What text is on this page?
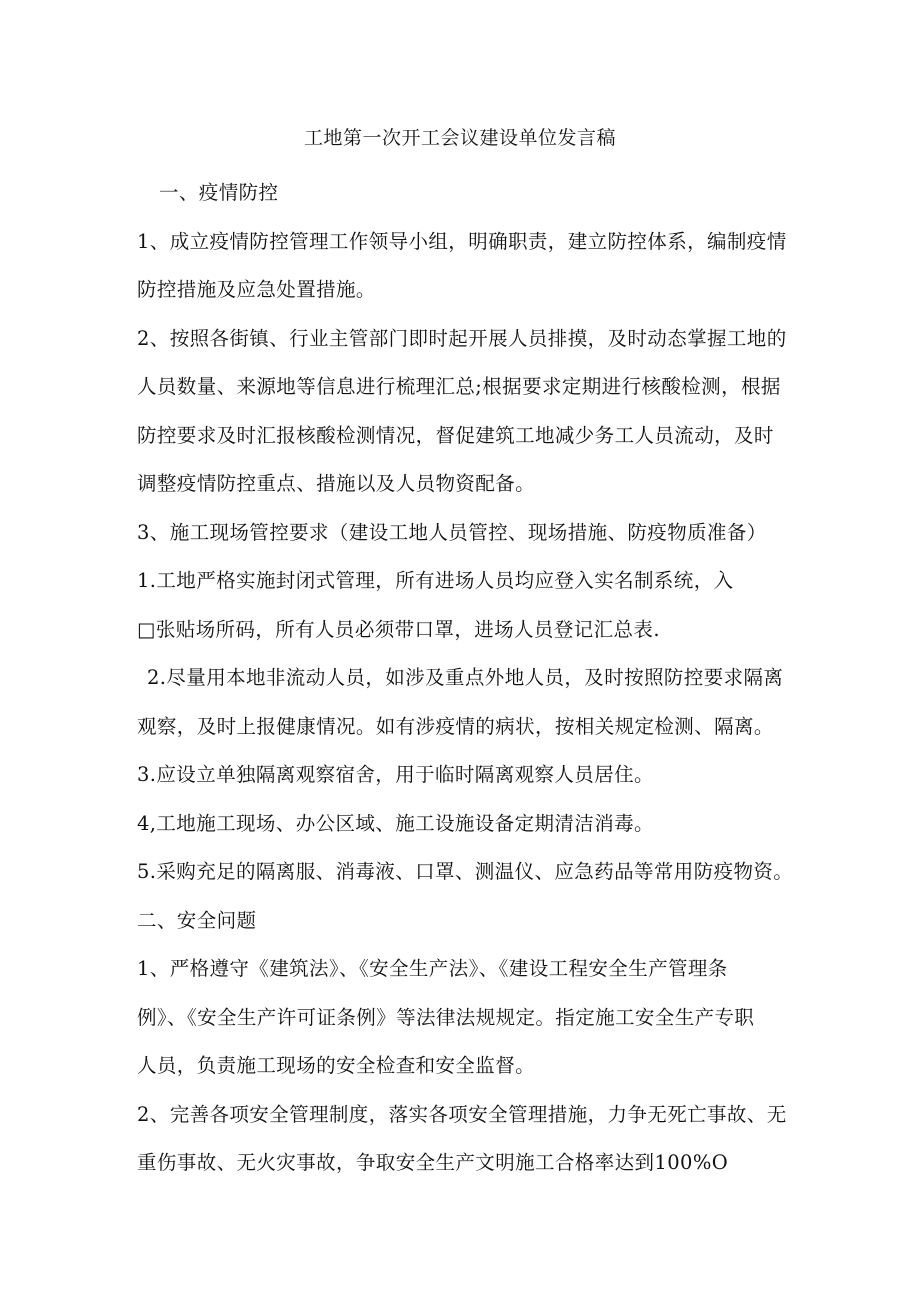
工地第一次开工会议建设单位发言稿

一、疫情防控

1、成立疫情防控管理工作领导小组，明确职责，建立防控体系，编制疫情

防控措施及应急处置措施。

2、按照各街镇、行业主管部门即时起开展人员排摸，及时动态掌握工地的

人员数量、来源地等信息进行梳理汇总;根据要求定期进行核酸检测，根据

防控要求及时汇报核酸检测情况，督促建筑工地减少务工人员流动，及时

调整疫情防控重点、措施以及人员物资配备。

3、施工现场管控要求（建设工地人员管控、现场措施、防疫物质准备）

1.工地严格实施封闭式管理，所有进场人员均应登入实名制系统，入

□张贴场所码，所有人员必须带口罩，进场人员登记汇总表.

2.尽量用本地非流动人员，如涉及重点外地人员，及时按照防控要求隔离

观察，及时上报健康情况。如有涉疫情的病状，按相关规定检测、隔离。

3.应设立单独隔离观察宿舍，用于临时隔离观察人员居住。

4,工地施工现场、办公区域、施工设施设备定期清洁消毒。

5.采购充足的隔离服、消毒液、口罩、测温仪、应急药品等常用防疫物资。

二、安全问题

1、严格遵守《建筑法》、《安全生产法》、《建设工程安全生产管理条

例》、《安全生产许可证条例》等法律法规规定。指定施工安全生产专职

人员，负责施工现场的安全检查和安全监督。

2、完善各项安全管理制度，落实各项安全管理措施，力争无死亡事故、无

重伤事故、无火灾事故，争取安全生产文明施工合格率达到100%O
